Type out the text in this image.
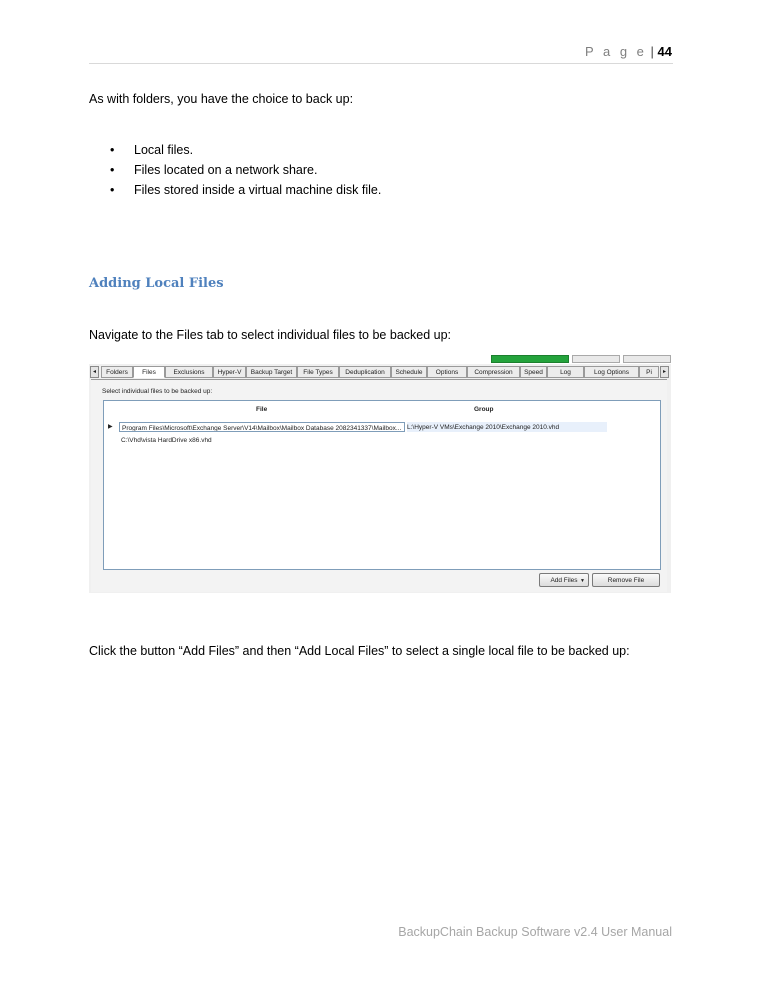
P a g e | 44
As with folders, you have the choice to back up:
• Local files.
• Files located on a network share.
• Files stored inside a virtual machine disk file.
Adding Local Files
Navigate to the Files tab to select individual files to be backed up:
◂	Folders	Files	Exclusions	Hyper-V	Backup Target	File Types	Deduplication	Schedule	Options	Compression	Speed	Log	Log Options	Pi	▸
Select individual files to be backed up:
File	Group
▶	Program Files\Microsoft\Exchange Server\V14\Mailbox\Mailbox Database 2082341337\Mailbox... L:\Hyper-V VMs\Exchange 2010\Exchange 2010.vhd
C:\Vhd\vista HardDrive x86.vhd
Add Files ▼	Remove File
Click the button “Add Files” and then “Add Local Files” to select a single local file to be backed up:
BackupChain Backup Software v2.4 User Manual
